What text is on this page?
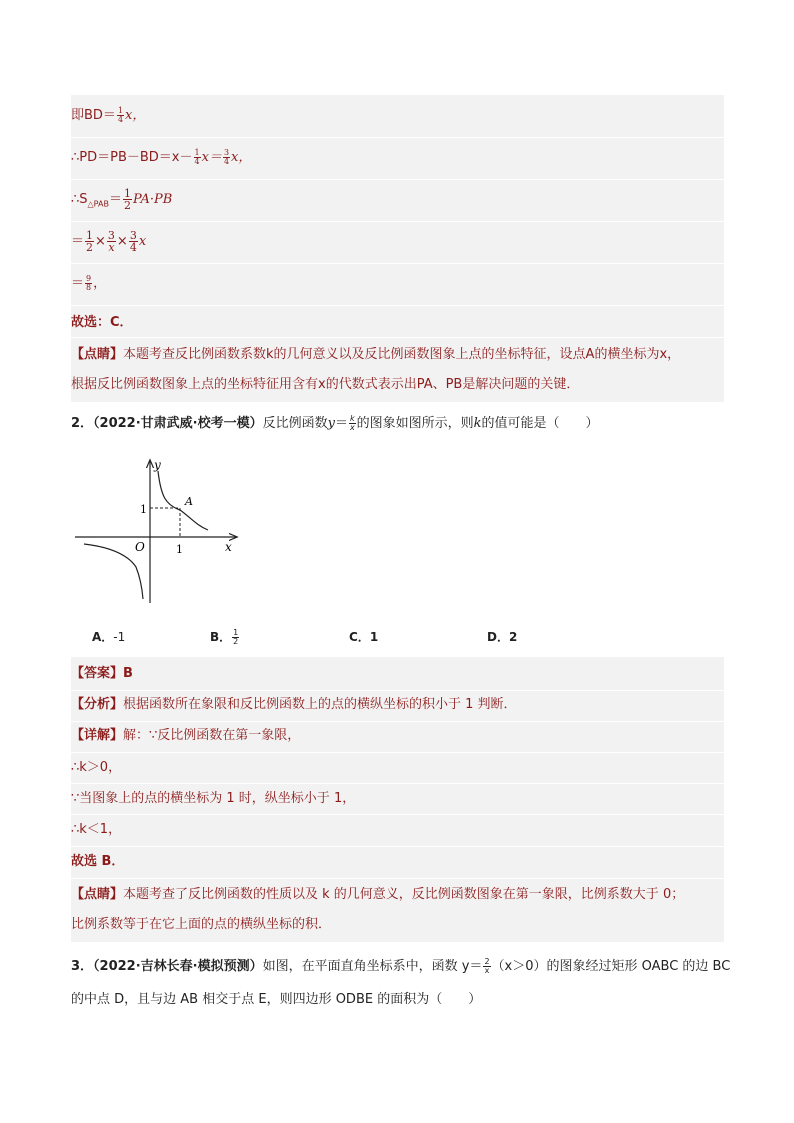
即$BD= \frac{1}{4}$ x，
∴PD＝PB－BD＝x－ $\frac{1}{4} x= \frac{3}{4}$ x，
$\therefore S_{\triangle PAB}= \frac{1}{2} PA\cdot PB$
＝ $\frac{1}{2} \times \frac{3}{x} \times \frac{3}{4}$ x
＝ $\frac{9}{8}$ ，
故选：C．
【点睛】本题考查反比例函数系数k的几何意义以及反比例函数图象上点的坐标特征，设点A的横坐标为x，
根据反比例函数图象上点的坐标特征用含有x的代数式表示出PA、PB是解决问题的关键．
2．（2022·甘肃武威·校考一模）反比例函数$y= \frac{k}{x}$ 的图象如图所示，则k的值可能是（　　）
y
x
O
A
1
1
A．-1	B． $\frac{1}{2}$	C．1	D．2
【答案】B
【分析】根据函数所在象限和反比例函数上的点的横纵坐标的积小于 1 判断．
【详解】解：∵反比例函数在第一象限，
∴k＞0，
∵当图象上的点的横坐标为 1 时，纵坐标小于 1，
∴k＜1，
故选 B．
【点睛】本题考查了反比例函数的性质以及 k 的几何意义，反比例函数图象在第一象限，比例系数大于 0；
比例系数等于在它上面的点的横纵坐标的积．
3．（2022·吉林长春·模拟预测）如图，在平面直角坐标系中，函数 $y= \frac{2}{x} (x>0)$的图象经过矩形 OABC 的边 BC
的中点 D，且与边 AB 相交于点 E，则四边形 ODBE 的面积为（　　）
